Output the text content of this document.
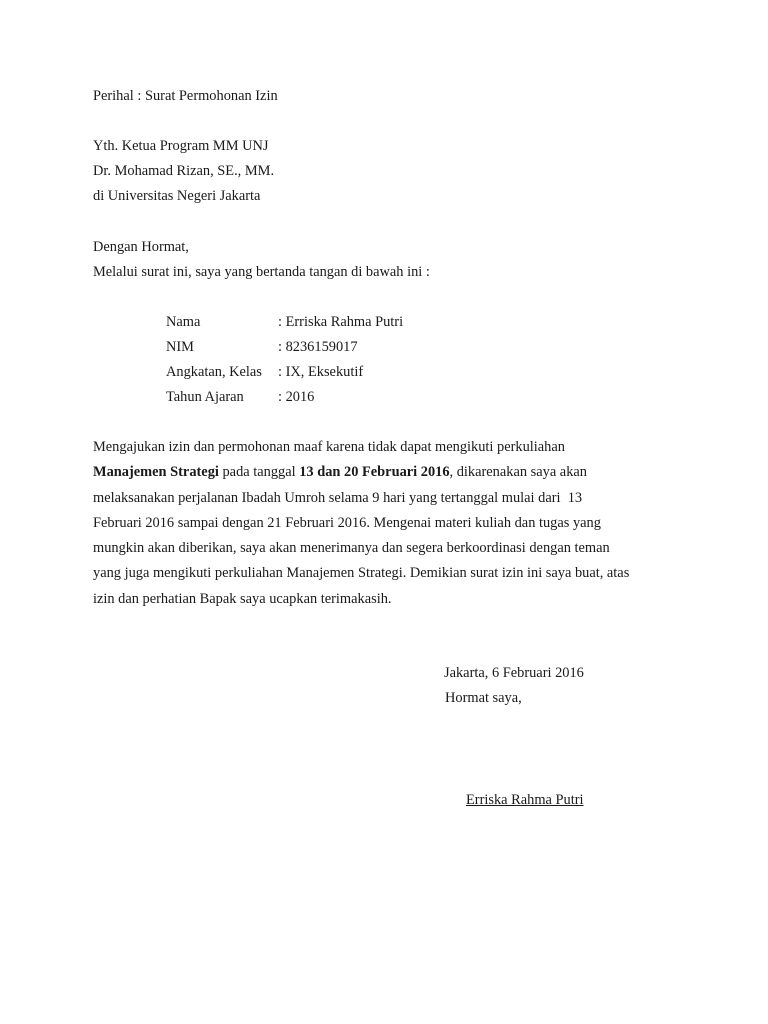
Perihal : Surat Permohonan Izin
Yth. Ketua Program MM UNJ
Dr. Mohamad Rizan, SE., MM.
di Universitas Negeri Jakarta
Dengan Hormat,
Melalui surat ini, saya yang bertanda tangan di bawah ini :
Nama	: Erriska Rahma Putri
NIM	: 8236159017
Angkatan, Kelas : IX, Eksekutif
Tahun Ajaran : 2016
Mengajukan izin dan permohonan maaf karena tidak dapat mengikuti perkuliahan
Manajemen Strategi pada tanggal 13 dan 20 Februari 2016, dikarenakan saya akan
melaksanakan perjalanan Ibadah Umroh selama 9 hari yang tertanggal mulai dari  13
Februari 2016 sampai dengan 21 Februari 2016. Mengenai materi kuliah dan tugas yang
mungkin akan diberikan, saya akan menerimanya dan segera berkoordinasi dengan teman
yang juga mengikuti perkuliahan Manajemen Strategi. Demikian surat izin ini saya buat, atas
izin dan perhatian Bapak saya ucapkan terimakasih.
Jakarta, 6 Februari 2016
Hormat saya,
Erriska Rahma Putri
